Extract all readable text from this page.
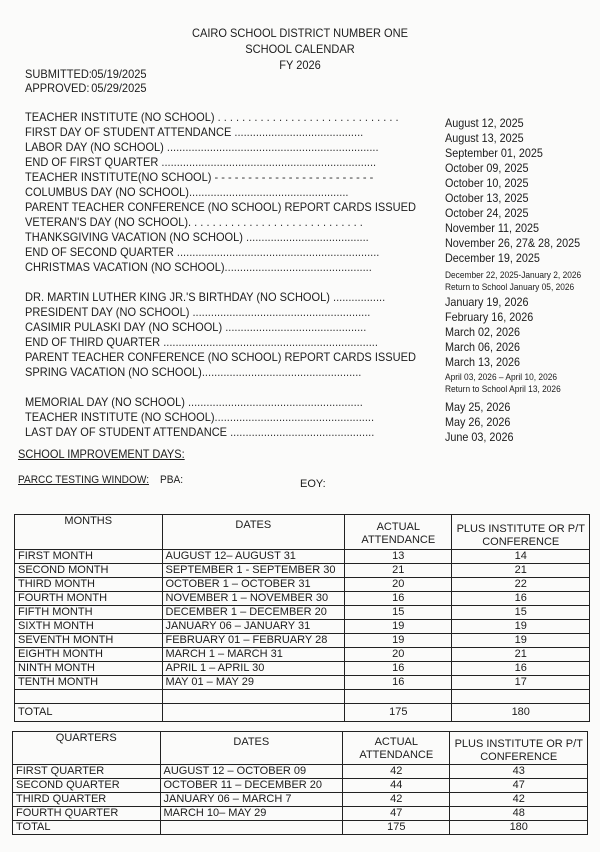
CAIRO SCHOOL DISTRICT NUMBER ONE
SCHOOL CALENDAR
FY 2026
SUBMITTED:05/19/2025
APPROVED: 05/29/2025
TEACHER INSTITUTE (NO SCHOOL) . . . . . . . . . . . . . . . . . . . . . . . . . . . . . .	August 12, 2025
FIRST DAY OF STUDENT ATTENDANCE ..........................................	August 13, 2025
LABOR DAY (NO SCHOOL) .....................................................................	September 01, 2025
END OF FIRST QUARTER ......................................................................	October 09, 2025
TEACHER INSTITUTE(NO SCHOOL) - - - - - - - - - - - - - - - - - - - - - - - -	October 10, 2025
COLUMBUS DAY (NO SCHOOL)....................................................	October 13, 2025
PARENT TEACHER CONFERENCE (NO SCHOOL) REPORT CARDS ISSUED October 24, 2025
VETERAN'S DAY (NO SCHOOL). . . . . . . . . . . . . . . . . . . . . . . . . . . . .	November 11, 2025
THANKSGIVING VACATION (NO SCHOOL) ........................................	November 26, 27& 28, 2025
END OF SECOND QUARTER ..................................................................	December 19, 2025
CHRISTMAS VACATION (NO SCHOOL)................................................
December 22, 2025-January 2, 2026
Return to School January 05, 2026
DR. MARTIN LUTHER KING JR.'S BIRTHDAY (NO SCHOOL) .................	January 19, 2026
PRESIDENT DAY (NO SCHOOL) ..........................................................	February 16, 2026
CASIMIR PULASKI DAY (NO SCHOOL) ..............................................	March 02, 2026
END OF THIRD QUARTER ......................................................................	March 06, 2026
PARENT TEACHER CONFERENCE (NO SCHOOL) REPORT CARDS ISSUED March 13, 2026
SPRING VACATION (NO SCHOOL)....................................................	April 03, 2026 – April 10, 2026
Return to School April 13, 2026
MEMORIAL DAY (NO SCHOOL) .........................................................	May 25, 2026
TEACHER INSTITUTE (NO SCHOOL)....................................................	May 26, 2026
LAST DAY OF STUDENT ATTENDANCE ...............................................	June 03, 2026
SCHOOL IMPROVEMENT DAYS:
PARCC TESTING WINDOW: PBA:	EOY:
MONTHS	DATES	ACTUAL ATTENDANCE	PLUS INSTITUTE OR P/T CONFERENCE
FIRST MONTH	AUGUST 12– AUGUST 31	13	14
SECOND MONTH	SEPTEMBER 1 - SEPTEMBER 30	21	21
THIRD MONTH	OCTOBER 1 – OCTOBER 31	20	22
FOURTH MONTH	NOVEMBER 1 – NOVEMBER 30	16	16
FIFTH MONTH	DECEMBER 1 – DECEMBER 20	15	15
SIXTH MONTH	JANUARY 06 – JANUARY 31	19	19
SEVENTH MONTH	FEBRUARY 01 – FEBRUARY 28	19	19
EIGHTH MONTH	MARCH 1 – MARCH 31	20	21
NINTH MONTH	APRIL 1 – APRIL 30	16	16
TENTH MONTH	MAY 01 – MAY 29	16	17

TOTAL		175	180
QUARTERS	DATES	ACTUAL ATTENDANCE	PLUS INSTITUTE OR P/T CONFERENCE
FIRST QUARTER	AUGUST 12 – OCTOBER 09	42	43
SECOND QUARTER	OCTOBER 11 – DECEMBER 20	44	47
THIRD QUARTER	JANUARY 06 – MARCH 7	42	42
FOURTH QUARTER	MARCH 10– MAY 29	47	48
TOTAL		175	180
